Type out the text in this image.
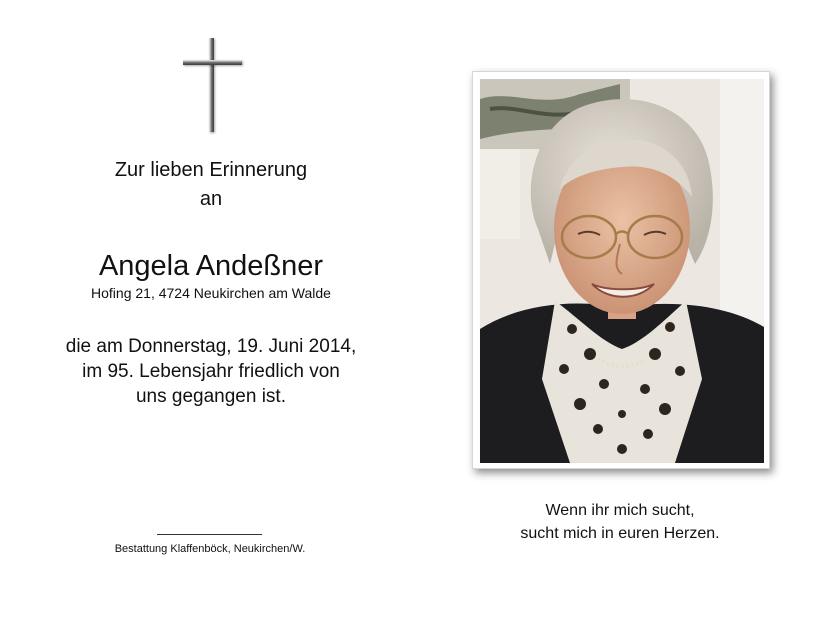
Zur lieben Erinnerung
an
Angela Andeßner
Hofing 21, 4724 Neukirchen am Walde
die am Donnerstag, 19. Juni 2014,
im 95. Lebensjahr friedlich von
uns gegangen ist.
Bestattung Klaffenböck, Neukirchen/W.
Wenn ihr mich sucht,
sucht mich in euren Herzen.
